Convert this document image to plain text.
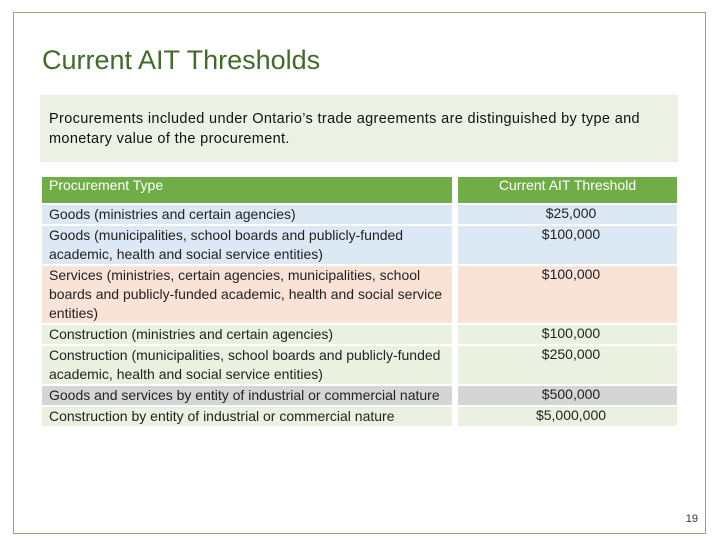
Current AIT Thresholds
Procurements included under Ontario’s trade agreements are distinguished by type and monetary value of the procurement.
Procurement Type	Current AIT Threshold
Goods (ministries and certain agencies)	$25,000
Goods (municipalities, school boards and publicly-funded academic, health and social service entities)	$100,000
Services (ministries, certain agencies, municipalities, school boards and publicly-funded academic, health and social service entities)	$100,000
Construction (ministries and certain agencies)	$100,000
Construction (municipalities, school boards and publicly-funded academic, health and social service entities)	$250,000
Goods and services by entity of industrial or commercial nature	$500,000
Construction by entity of industrial or commercial nature	$5,000,000
19
